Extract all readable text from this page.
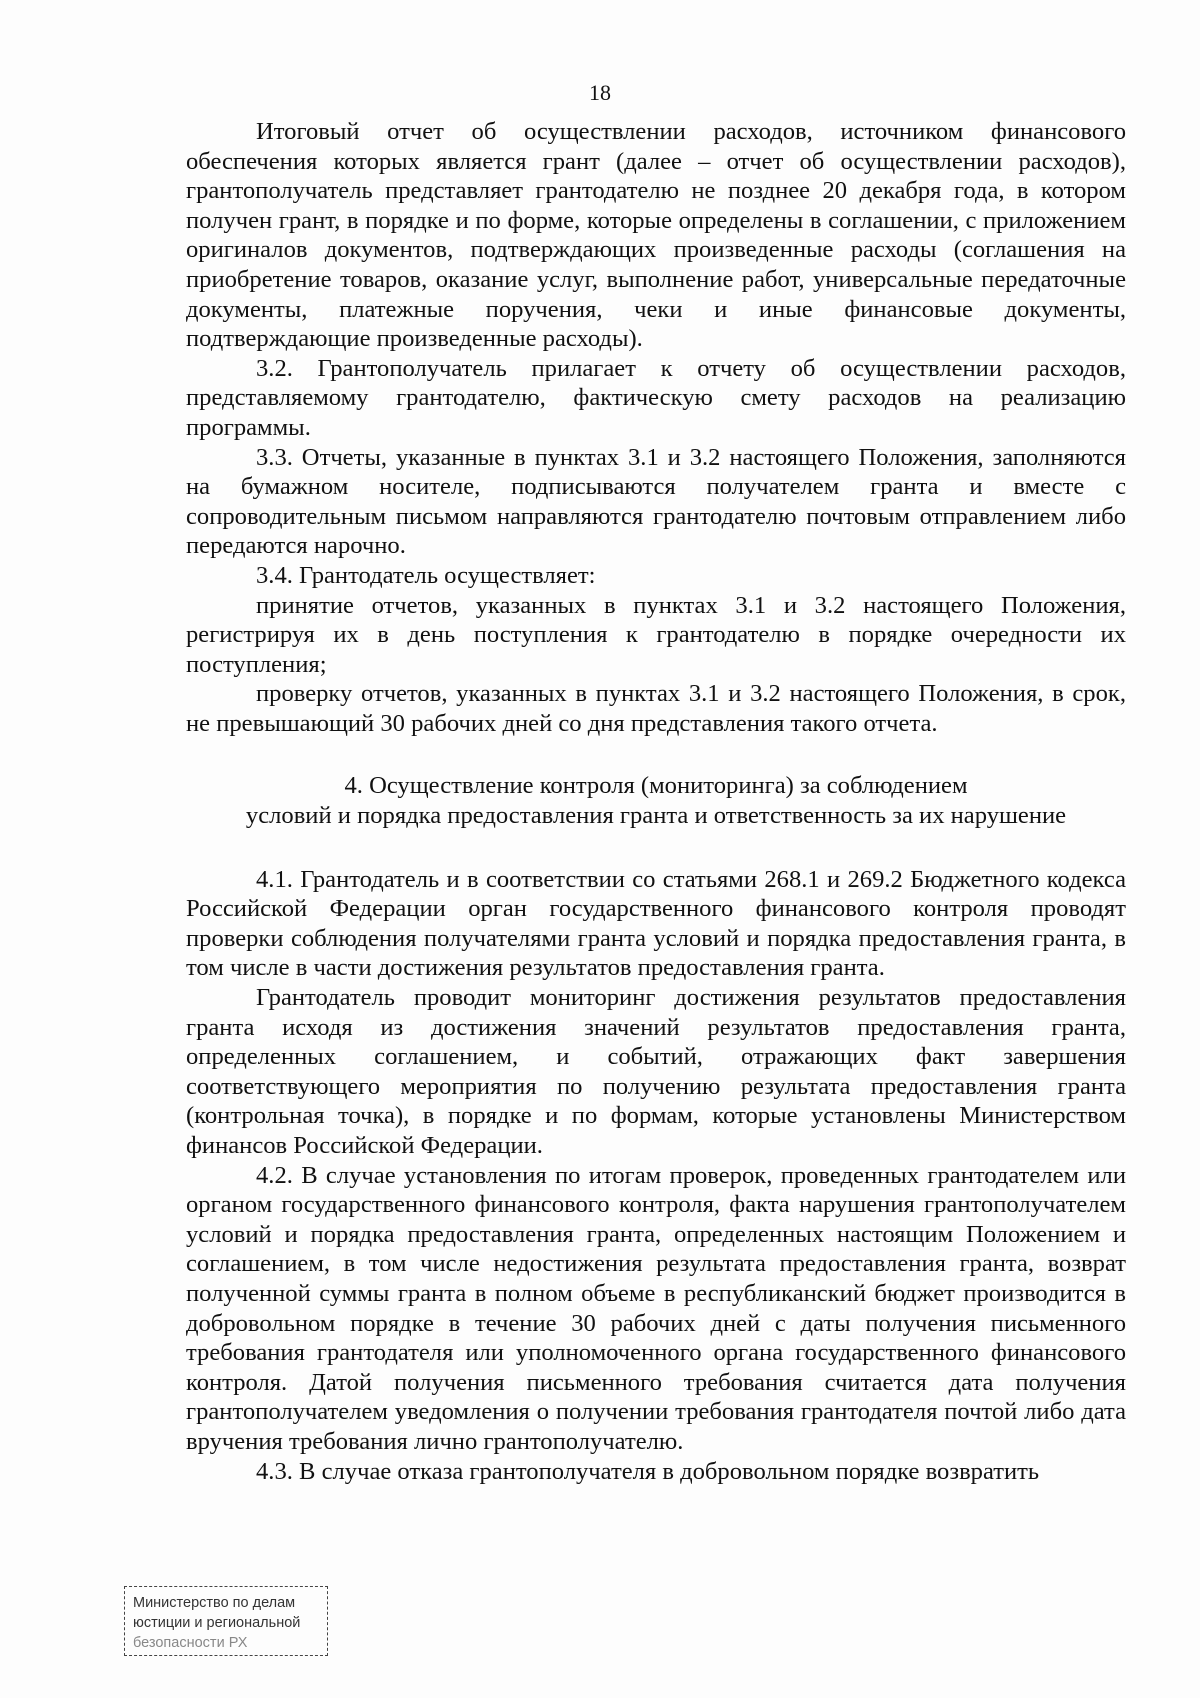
18

Итоговый отчет об осуществлении расходов, источником финансового обеспечения которых является грант (далее – отчет об осуществлении расходов), грантополучатель представляет грантодателю не позднее 20 декабря года, в котором получен грант, в порядке и по форме, которые определены в соглашении, с приложением оригиналов документов, подтверждающих произведенные расходы (соглашения на приобретение товаров, оказание услуг, выполнение работ, универсальные передаточные документы, платежные поручения, чеки и иные финансовые документы, подтверждающие произведенные расходы).

3.2. Грантополучатель прилагает к отчету об осуществлении расходов, представляемому грантодателю, фактическую смету расходов на реализацию программы.

3.3. Отчеты, указанные в пунктах 3.1 и 3.2 настоящего Положения, заполняются на бумажном носителе, подписываются получателем гранта и вместе с сопроводительным письмом направляются грантодателю почтовым отправлением либо передаются нарочно.

3.4. Грантодатель осуществляет:

принятие отчетов, указанных в пунктах 3.1 и 3.2 настоящего Положения, регистрируя их в день поступления к грантодателю в порядке очередности их поступления;

проверку отчетов, указанных в пунктах 3.1 и 3.2 настоящего Положения, в срок, не превышающий 30 рабочих дней со дня представления такого отчета.

4. Осуществление контроля (мониторинга) за соблюдением
условий и порядка предоставления гранта и ответственность за их нарушение

4.1. Грантодатель и в соответствии со статьями 268.1 и 269.2 Бюджетного кодекса Российской Федерации орган государственного финансового контроля проводят проверки соблюдения получателями гранта условий и порядка предоставления гранта, в том числе в части достижения результатов предоставления гранта.

Грантодатель проводит мониторинг достижения результатов предоставления гранта исходя из достижения значений результатов предоставления гранта, определенных соглашением, и событий, отражающих факт завершения соответствующего мероприятия по получению результата предоставления гранта (контрольная точка), в порядке и по формам, которые установлены Министерством финансов Российской Федерации.

4.2. В случае установления по итогам проверок, проведенных грантодателем или органом государственного финансового контроля, факта нарушения грантополучателем условий и порядка предоставления гранта, определенных настоящим Положением и соглашением, в том числе недостижения результата предоставления гранта, возврат полученной суммы гранта в полном объеме в республиканский бюджет производится в добровольном порядке в течение 30 рабочих дней с даты получения письменного требования грантодателя или уполномоченного органа государственного финансового контроля. Датой получения письменного требования считается дата получения грантополучателем уведомления о получении требования грантодателя почтой либо дата вручения требования лично грантополучателю.

4.3. В случае отказа грантополучателя в добровольном порядке возвратить

Министерство по делам
юстиции и региональной
безопасности РХ
